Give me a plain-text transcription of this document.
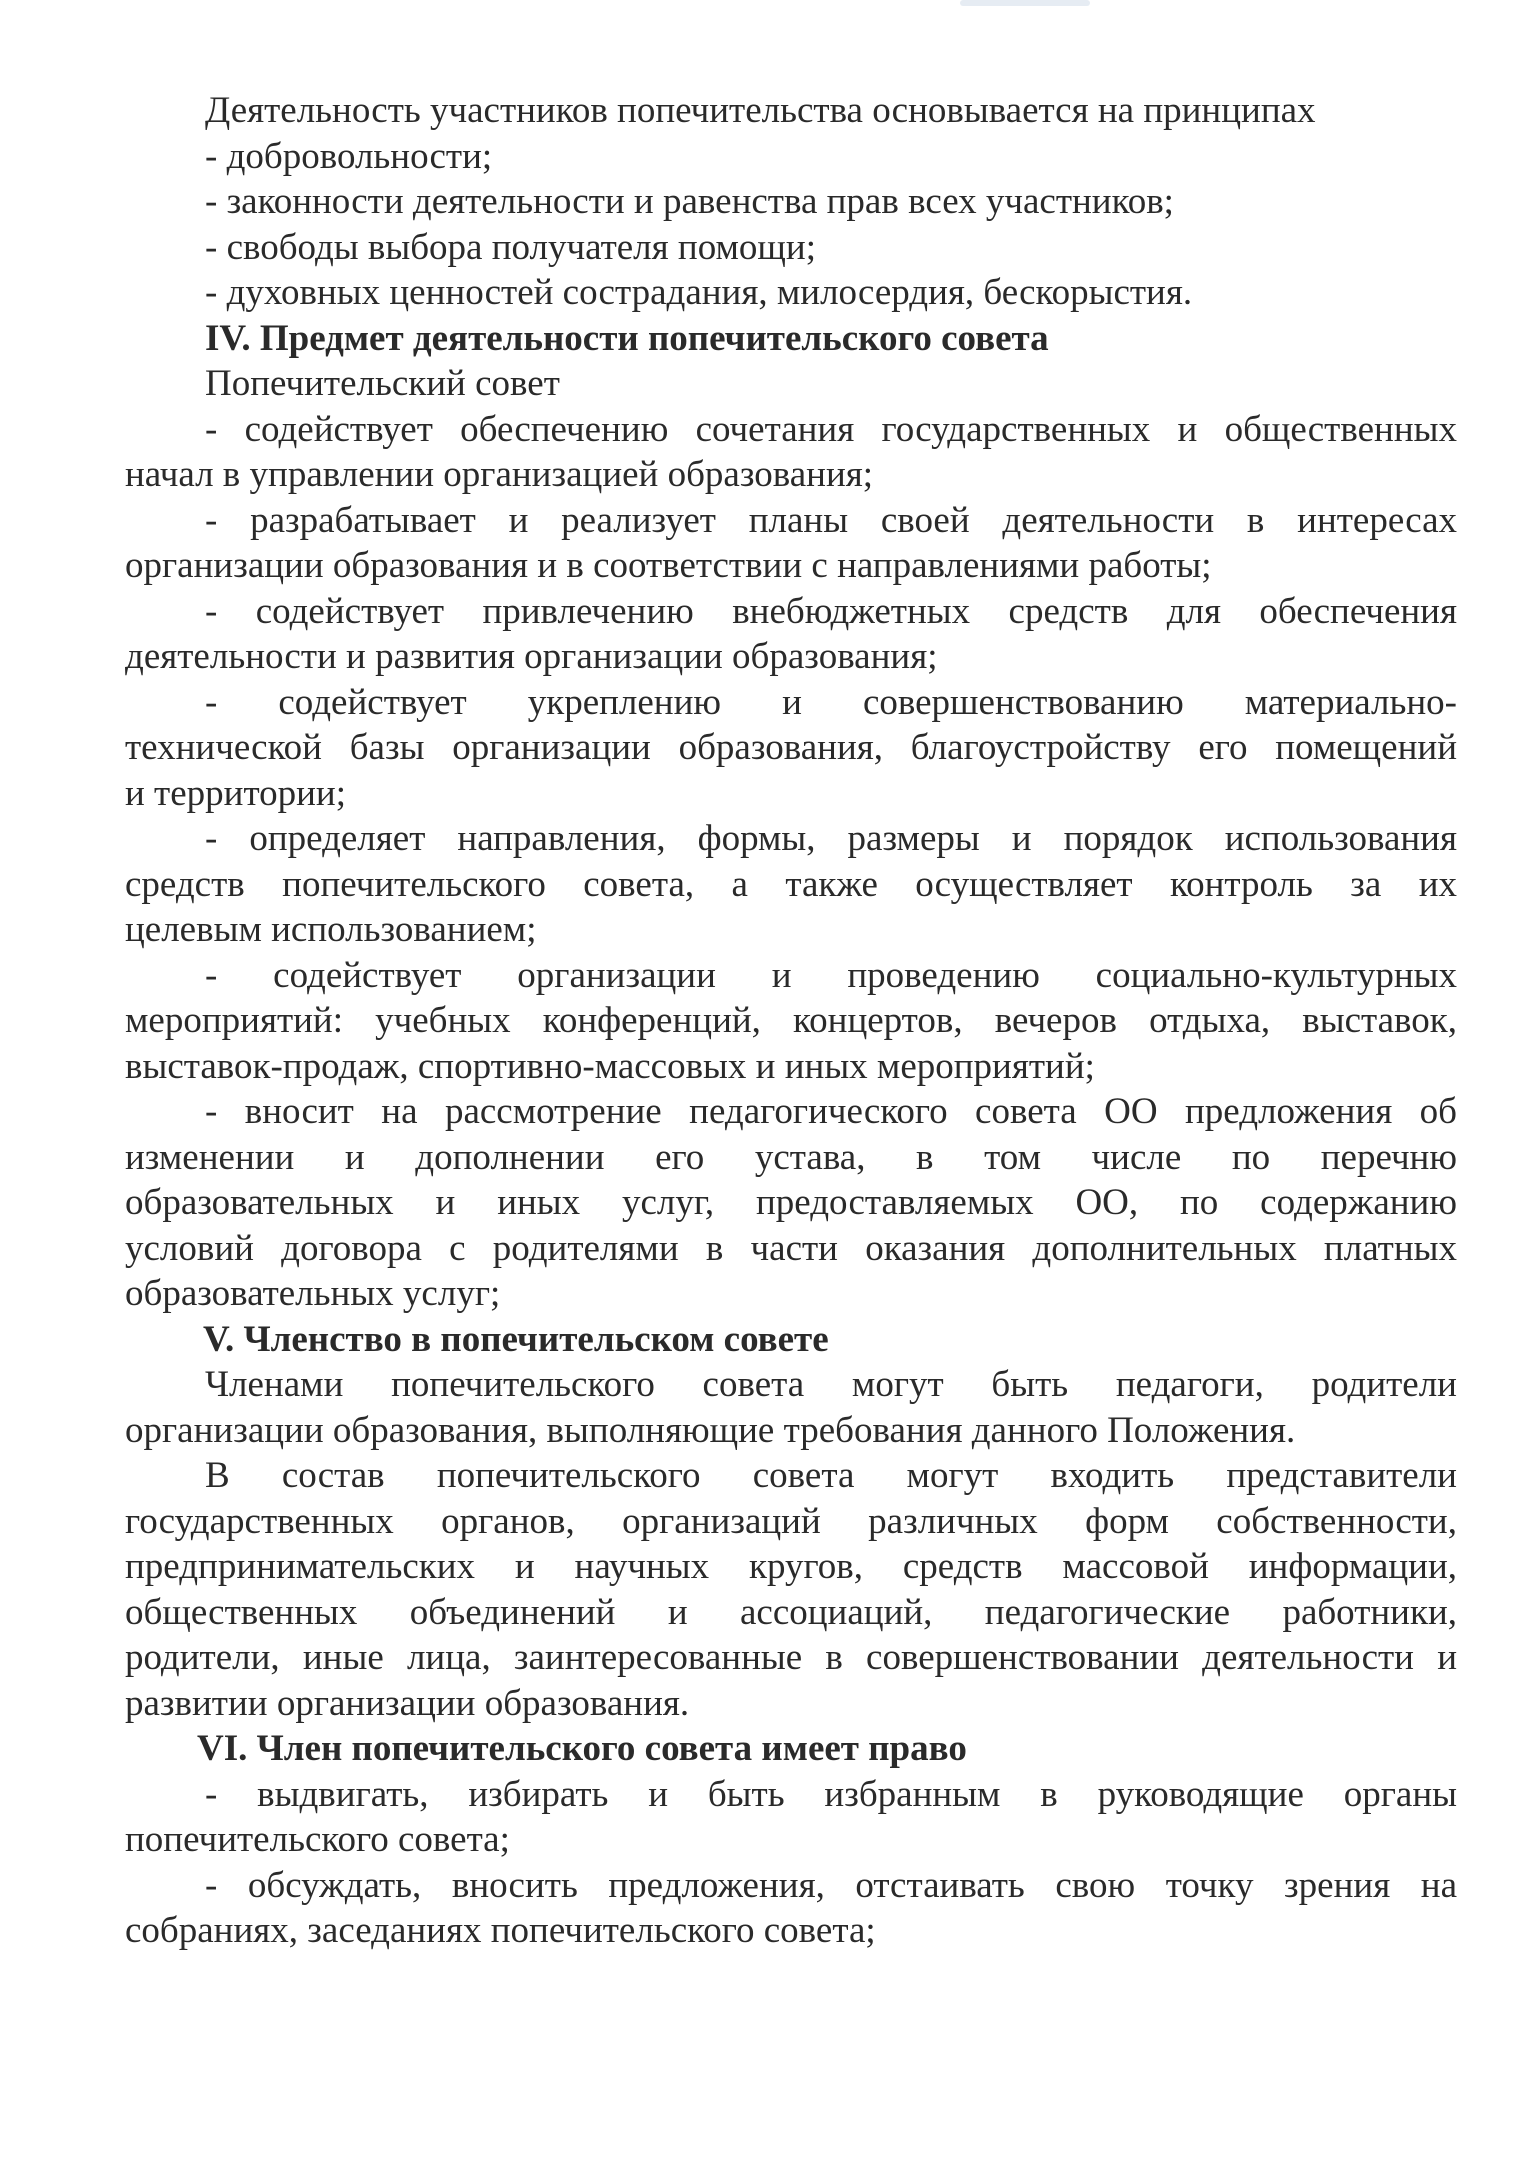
Деятельность участников попечительства основывается на принципах
- добровольности;
- законности деятельности и равенства прав всех участников;
- свободы выбора получателя помощи;
- духовных ценностей сострадания, милосердия, бескорыстия.
IV. Предмет деятельности попечительского совета
Попечительский совет
- содействует обеспечению сочетания государственных и общественных
начал в управлении организацией образования;
- разрабатывает и реализует планы своей деятельности в интересах
организации образования и в соответствии с направлениями работы;
- содействует привлечению внебюджетных средств для обеспечения
деятельности и развития организации образования;
- содействует укреплению и совершенствованию материально-
технической базы организации образования, благоустройству его помещений
и территории;
- определяет направления, формы, размеры и порядок использования
средств попечительского совета, а также осуществляет контроль за их
целевым использованием;
- содействует организации и проведению социально-культурных
мероприятий: учебных конференций, концертов, вечеров отдыха, выставок,
выставок-продаж, спортивно-массовых и иных мероприятий;
- вносит на рассмотрение педагогического совета ОО предложения об
изменении и дополнении его устава, в том числе по перечню
образовательных и иных услуг, предоставляемых ОО, по содержанию
условий договора с родителями в части оказания дополнительных платных
образовательных услуг;
V. Членство в попечительском совете
Членами попечительского совета могут быть педагоги, родители
организации образования, выполняющие требования данного Положения.
В состав попечительского совета могут входить представители
государственных органов, организаций различных форм собственности,
предпринимательских и научных кругов, средств массовой информации,
общественных объединений и ассоциаций, педагогические работники,
родители, иные лица, заинтересованные в совершенствовании деятельности и
развитии организации образования.
VI. Член попечительского совета имеет право
- выдвигать, избирать и быть избранным в руководящие органы
попечительского совета;
- обсуждать, вносить предложения, отстаивать свою точку зрения на
собраниях, заседаниях попечительского совета;
